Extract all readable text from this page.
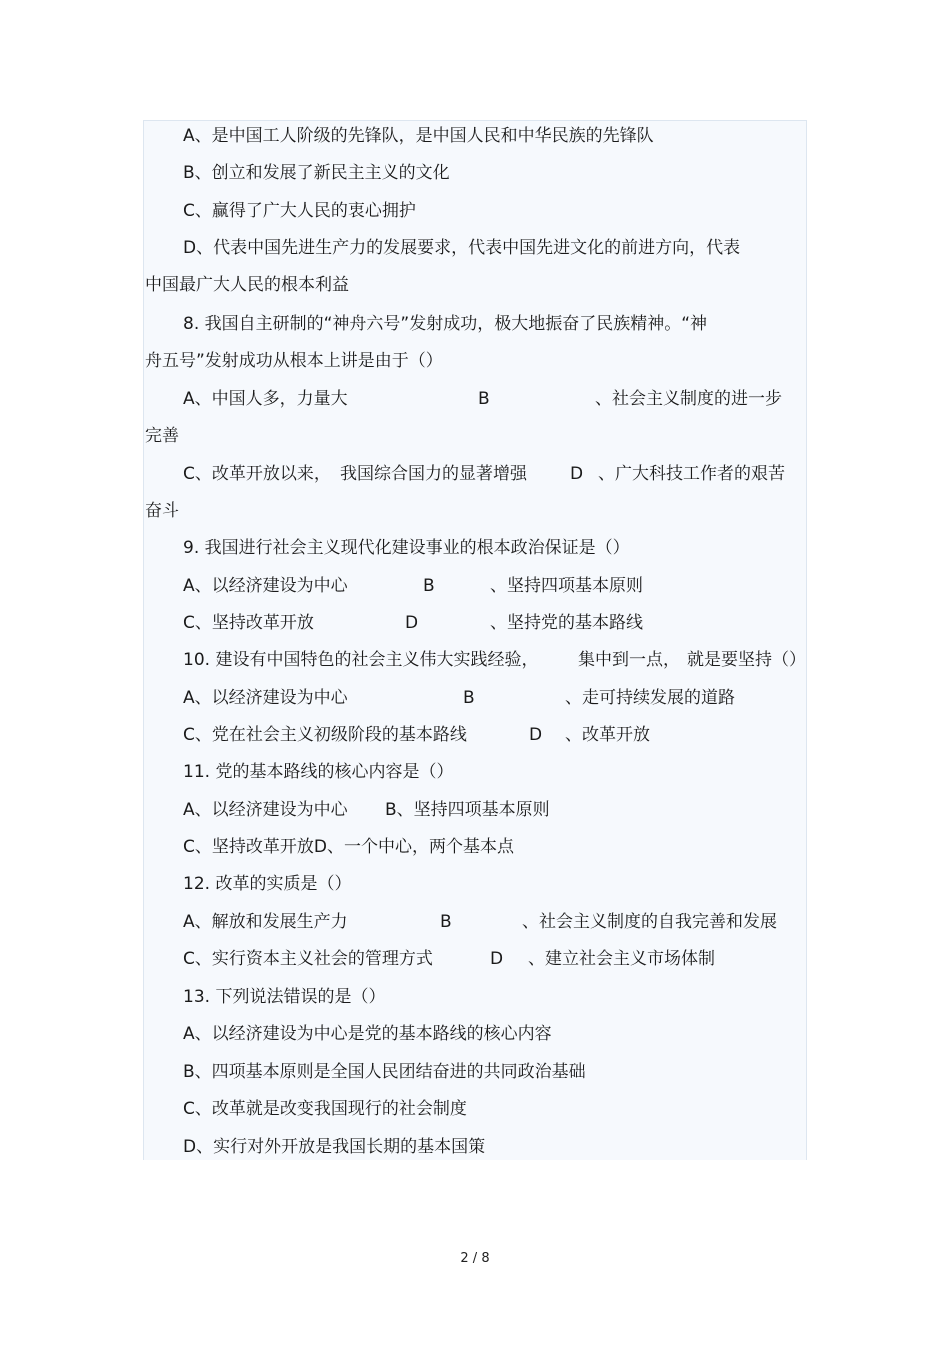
A、是中国工人阶级的先锋队，是中国人民和中华民族的先锋队
B、创立和发展了新民主主义的文化
C、赢得了广大人民的衷心拥护
D、代表中国先进生产力的发展要求，代表中国先进文化的前进方向，代表
中国最广大人民的根本利益
8. 我国自主研制的“神舟六号”发射成功，极大地振奋了民族精神。“神
舟五号”发射成功从根本上讲是由于（）
A、中国人多，力量大	B	、社会主义制度的进一步
完善
C、改革开放以来， 我国综合国力的显著增强	D 、广大科技工作者的艰苦
奋斗
9. 我国进行社会主义现代化建设事业的根本政治保证是（）
A、以经济建设为中心	B	、坚持四项基本原则
C、坚持改革开放	D	、坚持党的基本路线
10. 建设有中国特色的社会主义伟大实践经验， 集中到一点， 就是要坚持（）
A、以经济建设为中心	B	、走可持续发展的道路
C、党在社会主义初级阶段的基本路线	D 、改革开放
11. 党的基本路线的核心内容是（）
A、以经济建设为中心 B、坚持四项基本原则
C、坚持改革开放D、一个中心，两个基本点
12. 改革的实质是（）
A、解放和发展生产力	B	、社会主义制度的自我完善和发展
C、实行资本主义社会的管理方式	D 、建立社会主义市场体制
13. 下列说法错误的是（）
A、以经济建设为中心是党的基本路线的核心内容
B、四项基本原则是全国人民团结奋进的共同政治基础
C、改革就是改变我国现行的社会制度
D、实行对外开放是我国长期的基本国策
2 / 8
